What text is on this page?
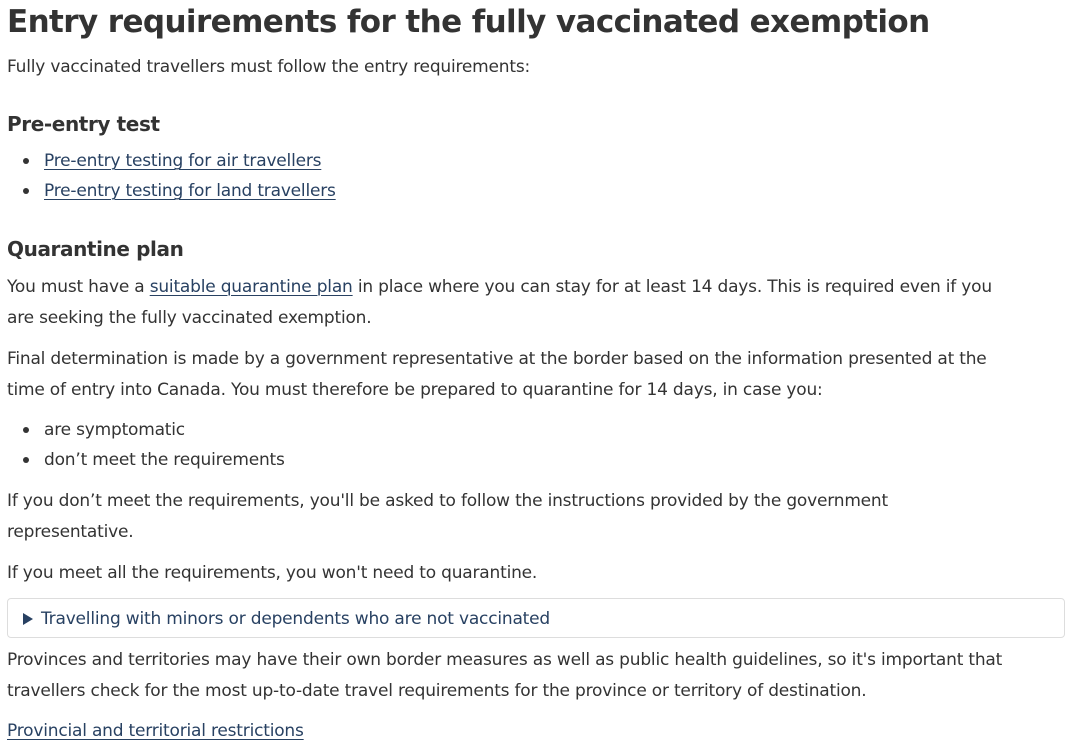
Entry requirements for the fully vaccinated exemption

Fully vaccinated travellers must follow the entry requirements:

Pre-entry test
Pre-entry testing for air travellers
Pre-entry testing for land travellers
Quarantine plan

You must have a suitable quarantine plan in place where you can stay for at least 14 days. This is required even if you
are seeking the fully vaccinated exemption.

Final determination is made by a government representative at the border based on the information presented at the
time of entry into Canada. You must therefore be prepared to quarantine for 14 days, in case you:

are symptomatic
don’t meet the requirements

If you don’t meet the requirements, you'll be asked to follow the instructions provided by the government
representative.

If you meet all the requirements, you won't need to quarantine.

Travelling with minors or dependents who are not vaccinated

Provinces and territories may have their own border measures as well as public health guidelines, so it's important that
travellers check for the most up-to-date travel requirements for the province or territory of destination.

Provincial and territorial restrictions
